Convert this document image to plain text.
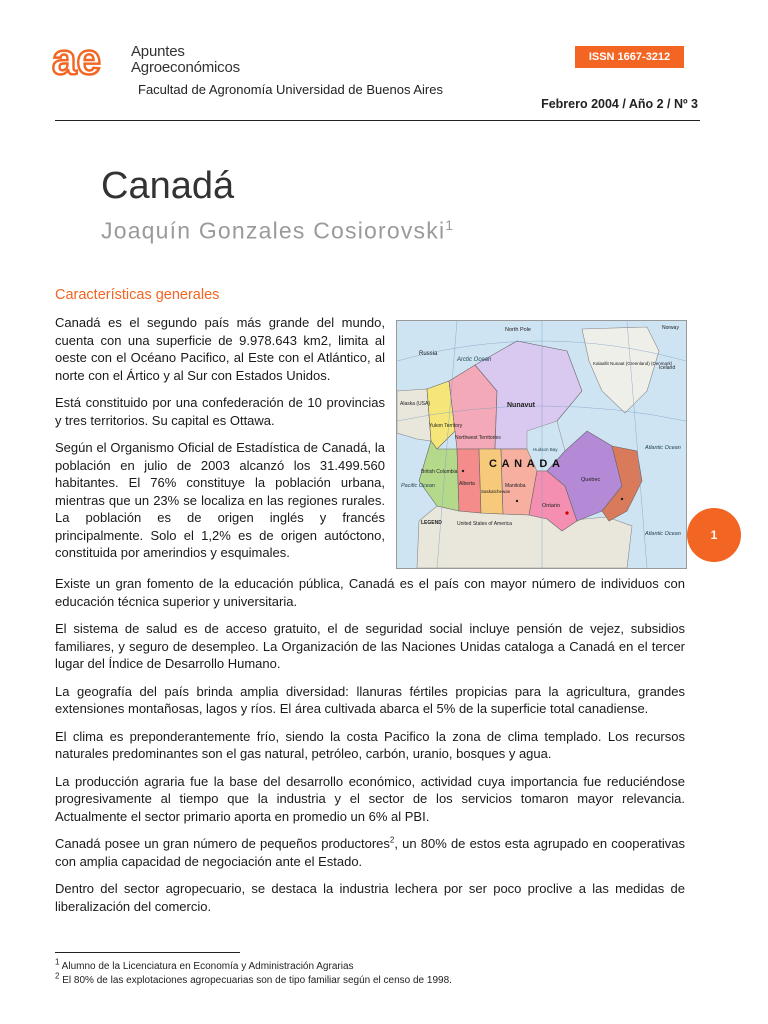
ae Apuntes
Agroeconómicos
Facultad de Agronomía Universidad de Buenos Aires
ISSN 1667-3212
Febrero 2004 / Año 2 / Nº 3
Canadá
Joaquín Gonzales Cosiorovski$^1$
Características generales

Canadá es el segundo país más grande del mundo, cuenta con una superficie de 9.978.643 km2, limita al oeste con el Océano Pacifico, al Este con el Atlántico, al norte con el Ártico y al Sur con Estados Unidos.

Está constituido por una confederación de 10 provincias y tres territorios. Su capital es Ottawa.

Según el Organismo Oficial de Estadística de Canadá, la población en julio de 2003 alcanzó los 31.499.560 habitantes. El 76% constituye la población urbana, mientras que un 23% se localiza en las regiones rurales. La población es de origen inglés y francés principalmente. Solo el 1,2% es de origen autóctono, constituida por amerindios y esquimales.

North Pole
Arctic Ocean
Russia
Kalaallit Nunaat (Greenland) (Denmark)
Iceland
Norway
Alaska (USA)
Yukon Territory
Northwest Territories
Nunavut
C A N A D A
British Columbia
Alberta
Saskatchewan
Manitoba
Ontario
Quebec
Hudson Bay
Pacific Ocean
Atlantic Ocean
Atlantic Ocean
United States of America
LEGEND

Existe un gran fomento de la educación pública, Canadá es el país con mayor número de individuos con educación técnica superior y universitaria.

El sistema de salud es de acceso gratuito, el de seguridad social incluye pensión de vejez, subsidios familiares, y seguro de desempleo. La Organización de las Naciones Unidas cataloga a Canadá en el tercer lugar del Índice de Desarrollo Humano.

La geografía del país brinda amplia diversidad: llanuras fértiles propicias para la agricultura, grandes extensiones montañosas, lagos y ríos. El área cultivada abarca el 5% de la superficie total canadiense.

El clima es preponderantemente frío, siendo la costa Pacifico la zona de clima templado. Los recursos naturales predominantes son el gas natural, petróleo, carbón, uranio, bosques y agua.

La producción agraria fue la base del desarrollo económico, actividad cuya importancia fue reduciéndose progresivamente al tiempo que la industria y el sector de los servicios tomaron mayor relevancia. Actualmente el sector primario aporta en promedio un 6% al PBI.

Canadá posee un gran número de pequeños productores$^2$, un 80% de estos esta agrupado en cooperativas con amplia capacidad de negociación ante el Estado.

Dentro del sector agropecuario, se destaca la industria lechera por ser poco proclive a las medidas de liberalización del comercio.

1
$^1$ Alumno de la Licenciatura en Economía y Administración Agrarias
$^2$ El 80% de las explotaciones agropecuarias son de tipo familiar según el censo de 1998.
